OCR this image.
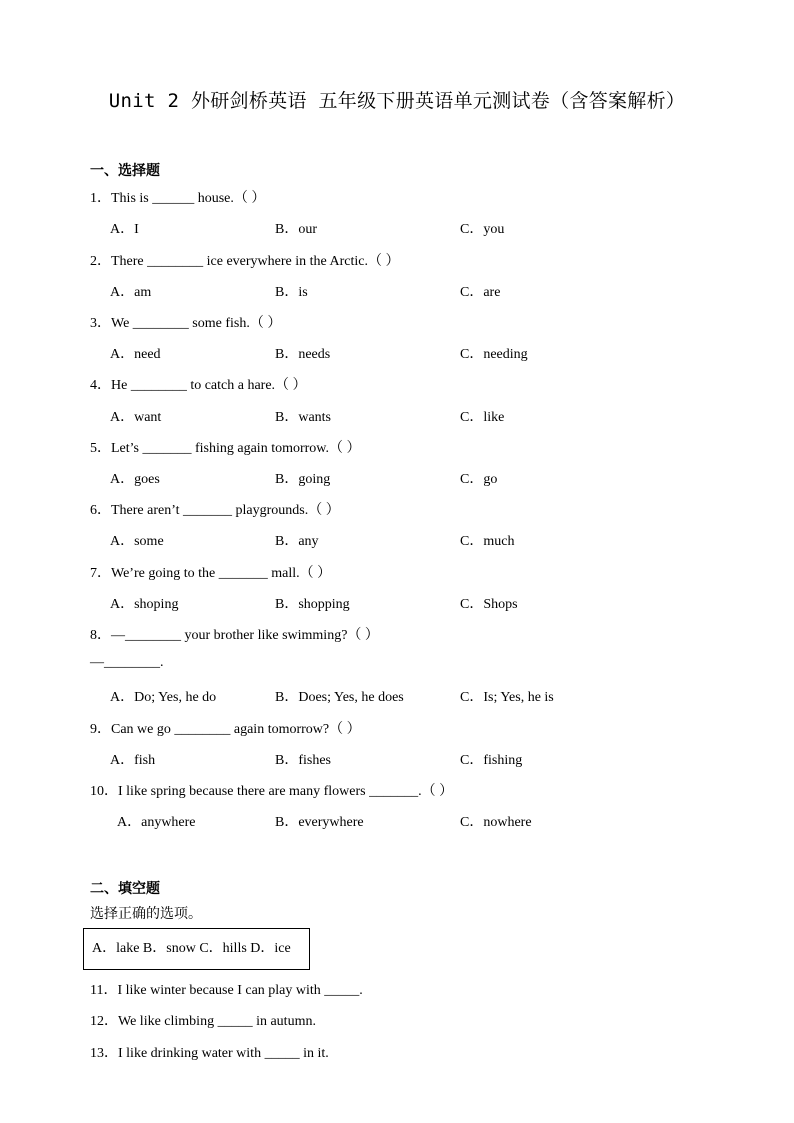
Unit 2 外研剑桥英语 五年级下册英语单元测试卷（含答案解析）
一、选择题
1．This is ______ house.（ ）
A．I	B．our	C．you
2．There ________ ice everywhere in the Arctic.（ ）
A．am	B．is	C．are
3．We ________ some fish.（ ）
A．need	B．needs	C．needing
4．He ________ to catch a hare.（ ）
A．want	B．wants	C．like
5．Let’s _______ fishing again tomorrow.（ ）
A．goes	B．going	C．go
6．There aren’t _______ playgrounds.（ ）
A．some	B．any	C．much
7．We’re going to the _______ mall.（ ）
A．shoping	B．shopping	C．Shops
8．—________ your brother like swimming?（ ）
—________.
A．Do; Yes, he do	B．Does; Yes, he does	C．Is; Yes, he is
9．Can we go ________ again tomorrow?（ ）
A．fish	B．fishes	C．fishing
10．I like spring because there are many flowers _______.（ ）
A．anywhere	B．everywhere	C．nowhere
二、填空题
选择正确的选项。
A．lake B．snow C．hills D．ice
11．I like winter because I can play with _____.
12．We like climbing _____ in autumn.
13．I like drinking water with _____ in it.
